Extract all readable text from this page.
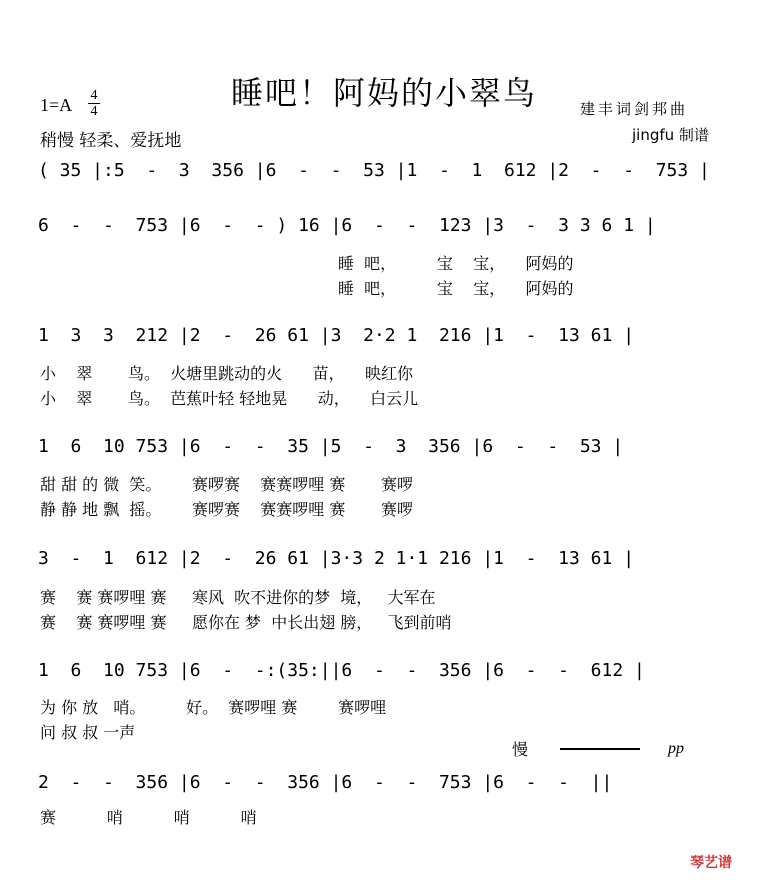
睡吧！阿妈的小翠鸟
1=A 4
4
稍慢 轻柔、爱抚地
建丰词剑邦曲
jingfu 制谱
( 35 |:5  -  3  356 |6  -  -  53 |1  -  1  612 |2  -  -  753 |
6  -  -  753 |6  -  - ) 16 |6  -  -  123 |3  -  3 3 6 1 |
睡  吧，        宝    宝，    阿妈的
睡  吧，        宝    宝，    阿妈的
1  3  3  212 |2  -  26 61 |3  2·2 1  216 |1  -  13 61 |
小    翠       鸟。  火塘里跳动的火      苗，    映红你
小    翠       鸟。  芭蕉叶轻 轻地晃      动，    白云儿
1  6  10 753 |6  -  -  35 |5  -  3  356 |6  -  -  53 |
甜 甜 的 微  笑。      赛啰赛    赛赛啰哩 赛       赛啰
静 静 地 飘  摇。      赛啰赛    赛赛啰哩 赛       赛啰
3  -  1  612 |2  -  26 61 |3·3 2 1·1 216 |1  -  13 61 |
赛    赛 赛啰哩 赛     寒风  吹不进你的梦  境，   大军在
赛    赛 赛啰哩 赛     愿你在 梦  中长出翅 膀，   飞到前哨
1  6  10 753 |6  -  -:(35:||6  -  -  356 |6  -  -  612 |
为 你 放   哨。        好。  赛啰哩 赛        赛啰哩
问 叔 叔 一声
慢	pp
2  -  -  356 |6  -  -  356 |6  -  -  753 |6  -  -  ||
赛          哨          哨          哨
琴艺谱
